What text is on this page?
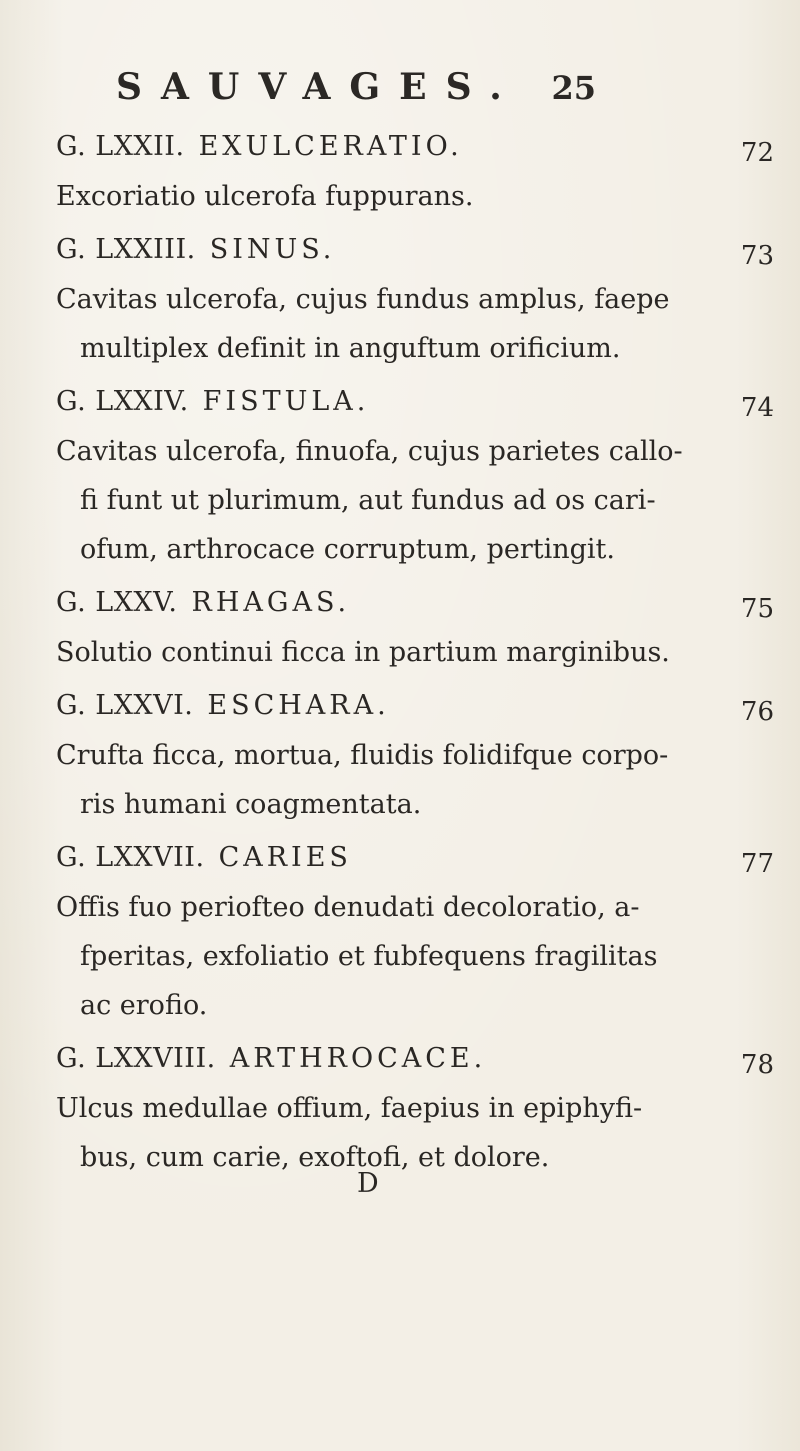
SAUVAGES. 25
G. LXXII. EXULCERATIO.	72
Excoriatio ulcerofa fuppurans.
G. LXXIII. SINUS.	73
Cavitas ulcerofa, cujus fundus amplus, faepe
multiplex defi̇nit in anguftum orificium.
G. LXXIV. FISTULA.	74
Cavitas ulcerofa, finuofa, cujus parietes callo-
fi funt ut plurimum, aut fundus ad os cari-
ofum, arthrocace corruptum, pertingit.
G. LXXV. RHAGAS.	75
Solutio continui ficca in partium marginibus.
G. LXXVI. ESCHARA.	76
Crufta ficca, mortua, fluidis folidifque corpo-
ris humani coagmentata.
G. LXXVII. CARIES	77
Offis fuo periofteo denudati decoloratio, a-
fperitas, exfoliatio et fubfequens fragilitas
ac erofio.
G. LXXVIII. ARTHROCACE.	78
Ulcus medullae offium, faepius in epiphyfi-
bus, cum carie, exoftofi, et dolore.
D
